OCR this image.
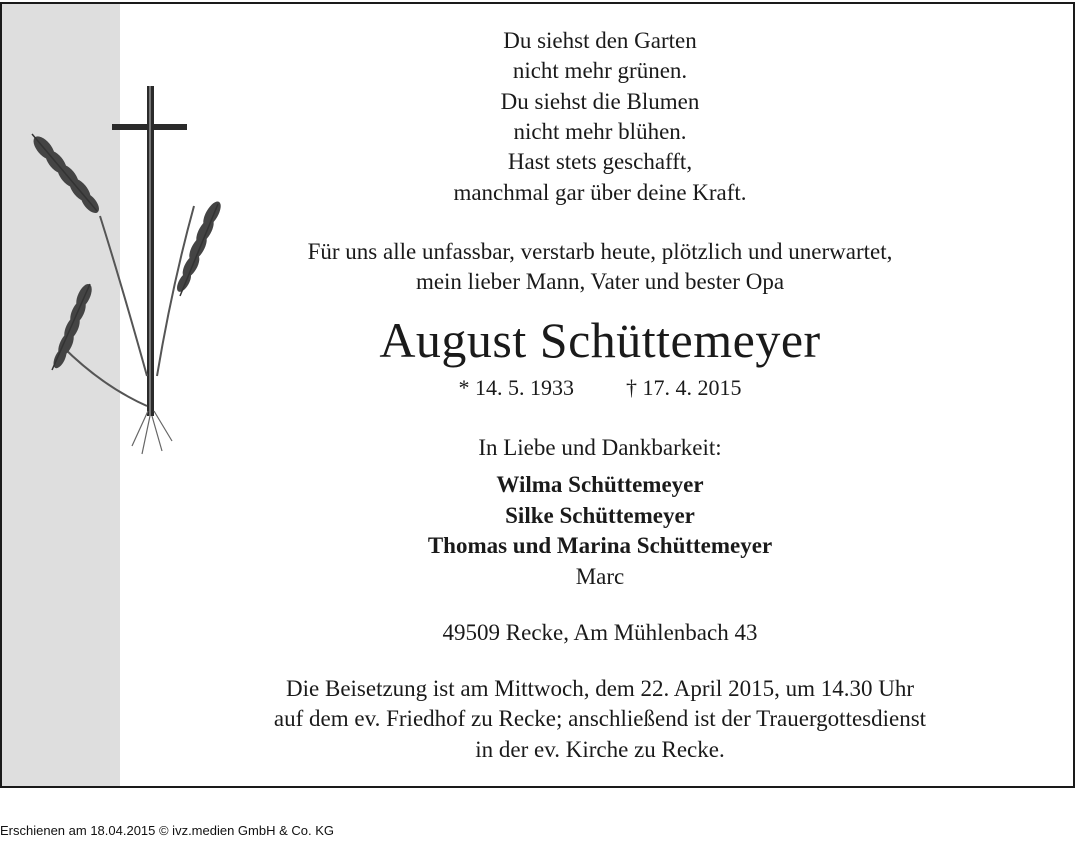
Du siehst den Garten
nicht mehr grünen.
Du siehst die Blumen
nicht mehr blühen.
Hast stets geschafft,
manchmal gar über deine Kraft.
Für uns alle unfassbar, verstarb heute, plötzlich und unerwartet,
mein lieber Mann, Vater und bester Opa
August Schüttemeyer
* 14. 5. 1933 † 17. 4. 2015
In Liebe und Dankbarkeit:
Wilma Schüttemeyer
Silke Schüttemeyer
Thomas und Marina Schüttemeyer
Marc
49509 Recke, Am Mühlenbach 43
Die Beisetzung ist am Mittwoch, dem 22. April 2015, um 14.30 Uhr
auf dem ev. Friedhof zu Recke; anschließend ist der Trauergottesdienst
in der ev. Kirche zu Recke.
Erschienen am 18.04.2015 © ivz.medien GmbH & Co. KG
